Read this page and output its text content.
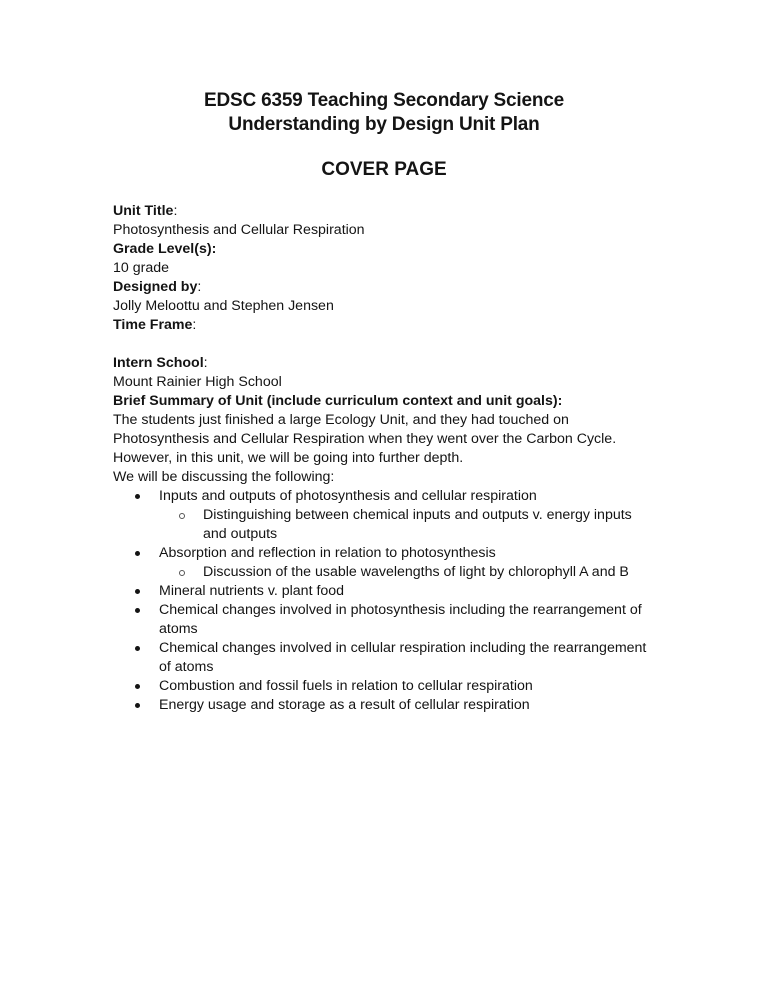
EDSC 6359 Teaching Secondary Science
Understanding by Design Unit Plan
COVER PAGE
Unit Title:
Photosynthesis and Cellular Respiration
Grade Level(s):
10 grade
Designed by:
Jolly Meloottu and Stephen Jensen
Time Frame:
Intern School:
Mount Rainier High School
Brief Summary of Unit (include curriculum context and unit goals):

The students just finished a large Ecology Unit, and they had touched on Photosynthesis and Cellular Respiration when they went over the Carbon Cycle. However, in this unit, we will be going into further depth.

We will be discussing the following:

Inputs and outputs of photosynthesis and cellular respiration
Distinguishing between chemical inputs and outputs v. energy inputs and outputs
Absorption and reflection in relation to photosynthesis
Discussion of the usable wavelengths of light by chlorophyll A and B
Mineral nutrients v. plant food
Chemical changes involved in photosynthesis including the rearrangement of atoms
Chemical changes involved in cellular respiration including the rearrangement of atoms
Combustion and fossil fuels in relation to cellular respiration
Energy usage and storage as a result of cellular respiration
